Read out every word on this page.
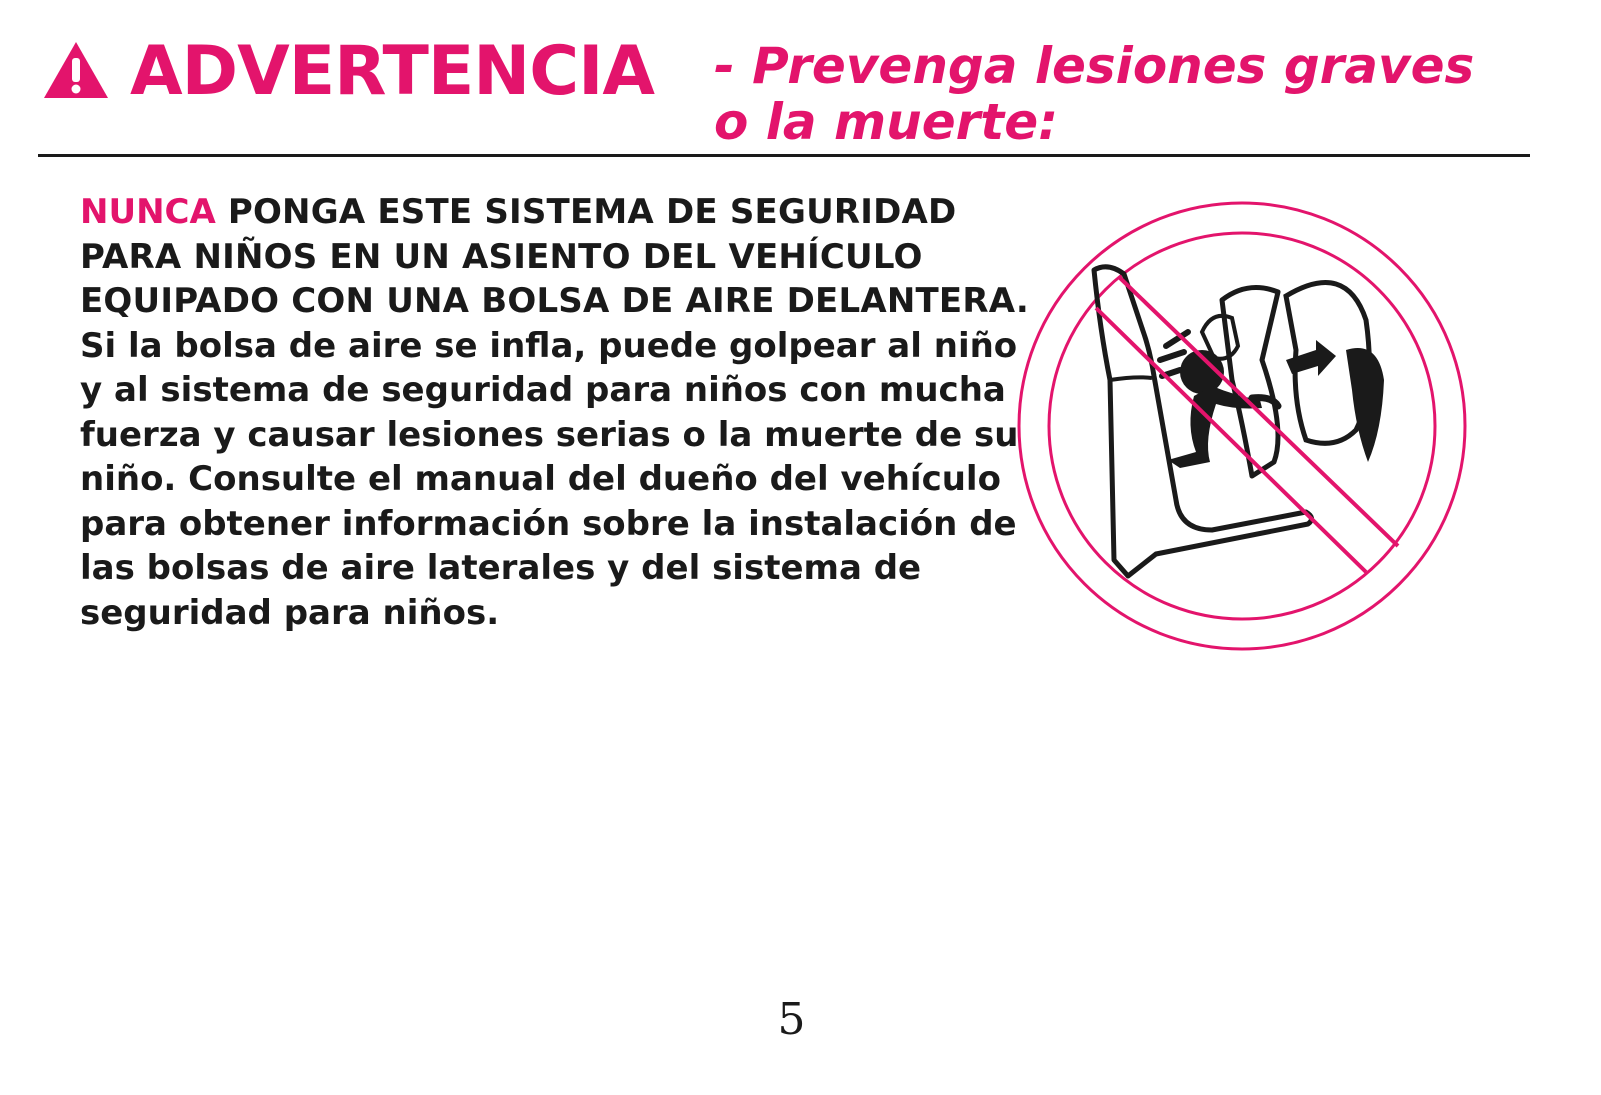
ADVERTENCIA - Prevenga lesiones graves o la muerte:
NUNCA PONGA ESTE SISTEMA DE SEGURIDAD PARA NIÑOS EN UN ASIENTO DEL VEHÍCULO EQUIPADO CON UNA BOLSA DE AIRE DELANTERA. Si la bolsa de aire se infla, puede golpear al niño y al sistema de seguridad para niños con mucha fuerza y causar lesiones serias o la muerte de su niño. Consulte el manual del dueño del vehículo para obtener información sobre la instalación de las bolsas de aire laterales y del sistema de seguridad para niños.
5
